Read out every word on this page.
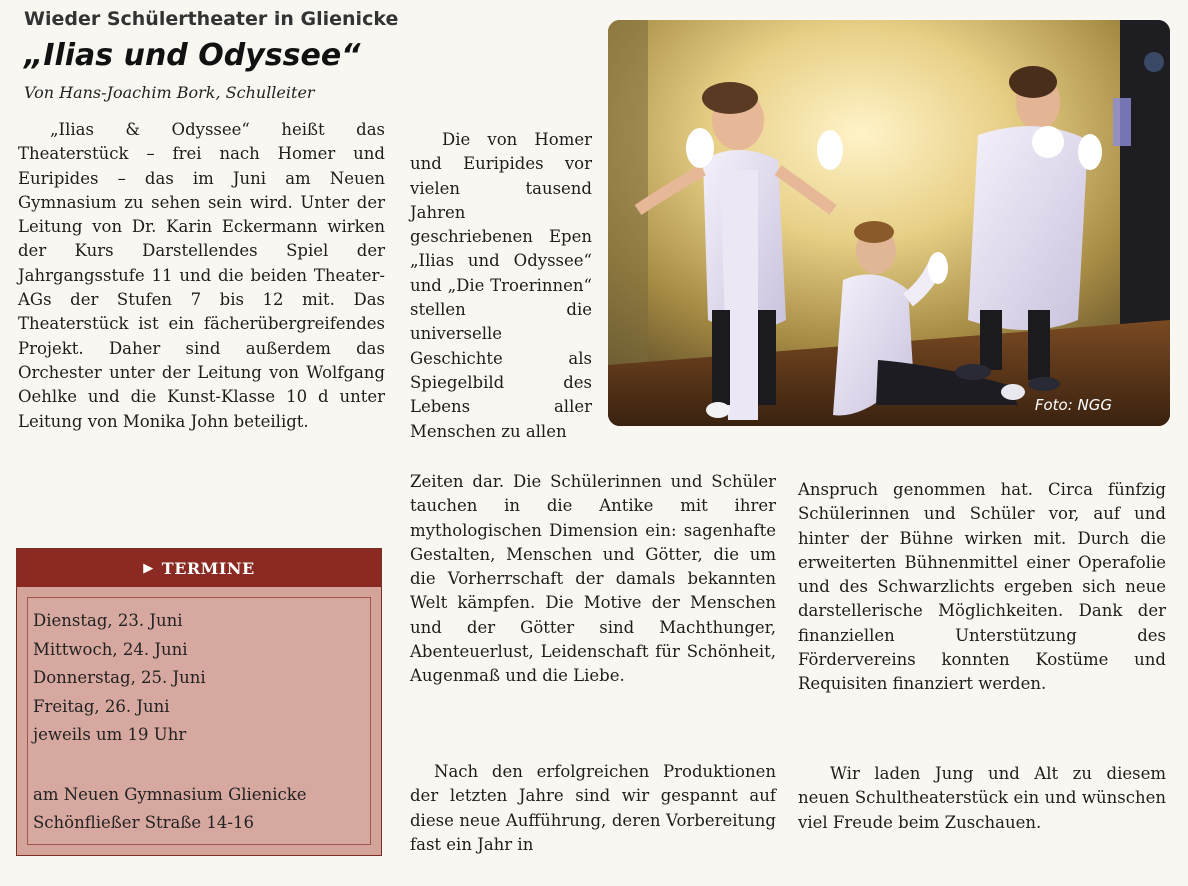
Wieder Schülertheater in Glienicke
„Ilias und Odyssee“
Von Hans-Joachim Bork, Schulleiter

„Ilias & Odyssee“ heißt das Theaterstück – frei nach Homer und Euripides – das im Juni am Neuen Gymnasium zu sehen sein wird. Unter der Leitung von Dr. Karin Eckermann wirken der Kurs Darstellendes Spiel der Jahrgangsstufe 11 und die beiden Theater-AGs der Stufen 7 bis 12 mit. Das Theaterstück ist ein fächerübergreifendes Projekt. Daher sind außerdem das Orchester unter der Leitung von Wolfgang Oehlke und die Kunst-Klasse 10 d unter Leitung von Monika John beteiligt.

Die von Homer und Euripides vor vielen tausend Jahren geschriebenen Epen „Ilias und Odyssee“ und „Die Troerinnen“ stellen die universelle Geschichte als Spiegelbild des Lebens aller Menschen zu allen

Zeiten dar. Die Schülerinnen und Schüler tauchen in die Antike mit ihrer mythologischen Dimension ein: sagenhafte Gestalten, Menschen und Götter, die um die Vorherrschaft der damals bekannten Welt kämpfen. Die Motive der Menschen und der Götter sind Machthunger, Abenteuerlust, Leidenschaft für Schönheit, Augenmaß und die Liebe.

Nach den erfolgreichen Produktionen der letzten Jahre sind wir gespannt auf diese neue Aufführung, deren Vorbereitung fast ein Jahr in

Anspruch genommen hat. Circa fünfzig Schülerinnen und Schüler vor, auf und hinter der Bühne wirken mit. Durch die erweiterten Bühnenmittel einer Operafolie und des Schwarzlichts ergeben sich neue darstellerische Möglichkeiten. Dank der finanziellen Unterstützung des Fördervereins konnten Kostüme und Requisiten finanziert werden.

Wir laden Jung und Alt zu diesem neuen Schultheaterstück ein und wünschen viel Freude beim Zuschauen.

Foto: NGG
▶ TERMINE
Dienstag, 23. Juni
Mittwoch, 24. Juni
Donnerstag, 25. Juni
Freitag, 26. Juni
jeweils um 19 Uhr
am Neuen Gymnasium Glienicke
Schönfließer Straße 14-16
